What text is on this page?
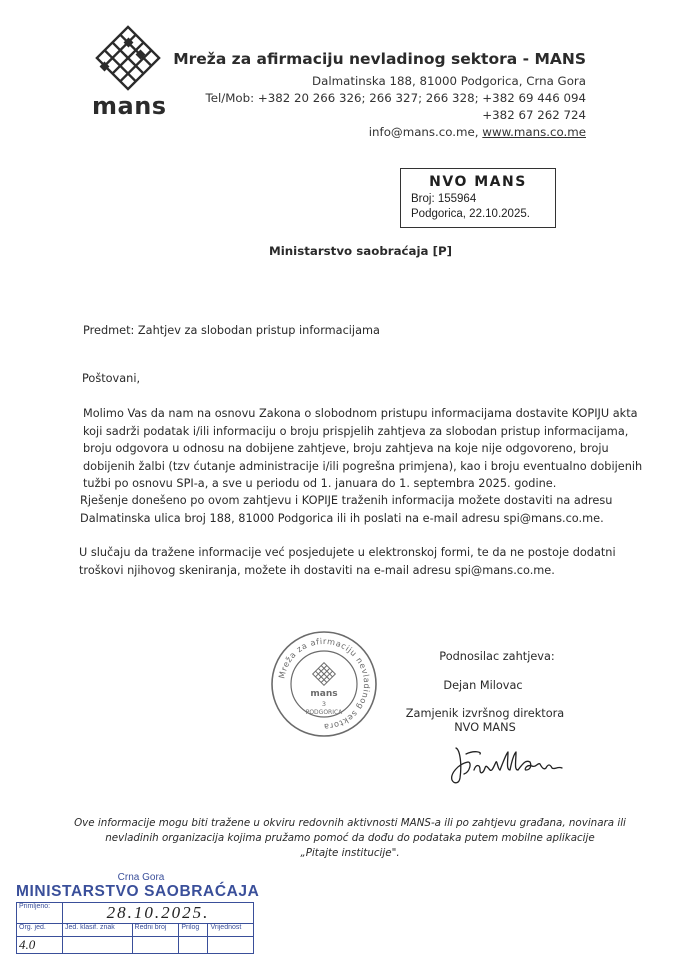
mans
Mreža za afirmaciju nevladinog sektora - MANS
Dalmatinska 188, 81000 Podgorica, Crna Gora
Tel/Mob: +382 20 266 326; 266 327; 266 328; +382 69 446 094
+382 67 262 724
info@mans.co.me, www.mans.co.me
NVO MANS
Broj: 155964
Podgorica, 22.10.2025.
Ministarstvo saobraćaja [P]
Predmet: Zahtjev za slobodan pristup informacijama
Poštovani,
Molimo Vas da nam na osnovu Zakona o slobodnom pristupu informacijama dostavite KOPIJU akta
koji sadrži podatak i/ili informaciju o broju prispjelih zahtjeva za slobodan pristup informacijama,
broju odgovora u odnosu na dobijene zahtjeve, broju zahtjeva na koje nije odgovoreno, broju
dobijenih žalbi (tzv ćutanje administracije i/ili pogrešna primjena), kao i broju eventualno dobijenih
tužbi po osnovu SPI-a, a sve u periodu od 1. januara do 1. septembra 2025. godine.
Rješenje donešeno po ovom zahtjevu i KOPIJE traženih informacija možete dostaviti na adresu
Dalmatinska ulica broj 188, 81000 Podgorica ili ih poslati na e-mail adresu spi@mans.co.me.
U slučaju da tražene informacije već posjedujete u elektronskoj formi, te da ne postoje dodatni
troškovi njihovog skeniranja, možete ih dostaviti na e-mail adresu spi@mans.co.me.
Mreža za afirmaciju nevladinog sektora
mans
3
PODGORICA
Podnosilac zahtjeva:
Dejan Milovac
Zamjenik izvršnog direktora
NVO MANS
Ove informacije mogu biti tražene u okviru redovnih aktivnosti MANS-a ili po zahtjevu građana, novinara ili
nevladinih organizacija kojima pružamo pomoć da dođu do podataka putem mobilne aplikacije
„Pitajte institucije".
Crna Gora
MINISTARSTVO SAOBRAĆAJA
Primljeno:	28.10.2025.			
Org. jed.	Jed. klasif. znak	Redni broj	Prilog	Vrijednost
4.0				
